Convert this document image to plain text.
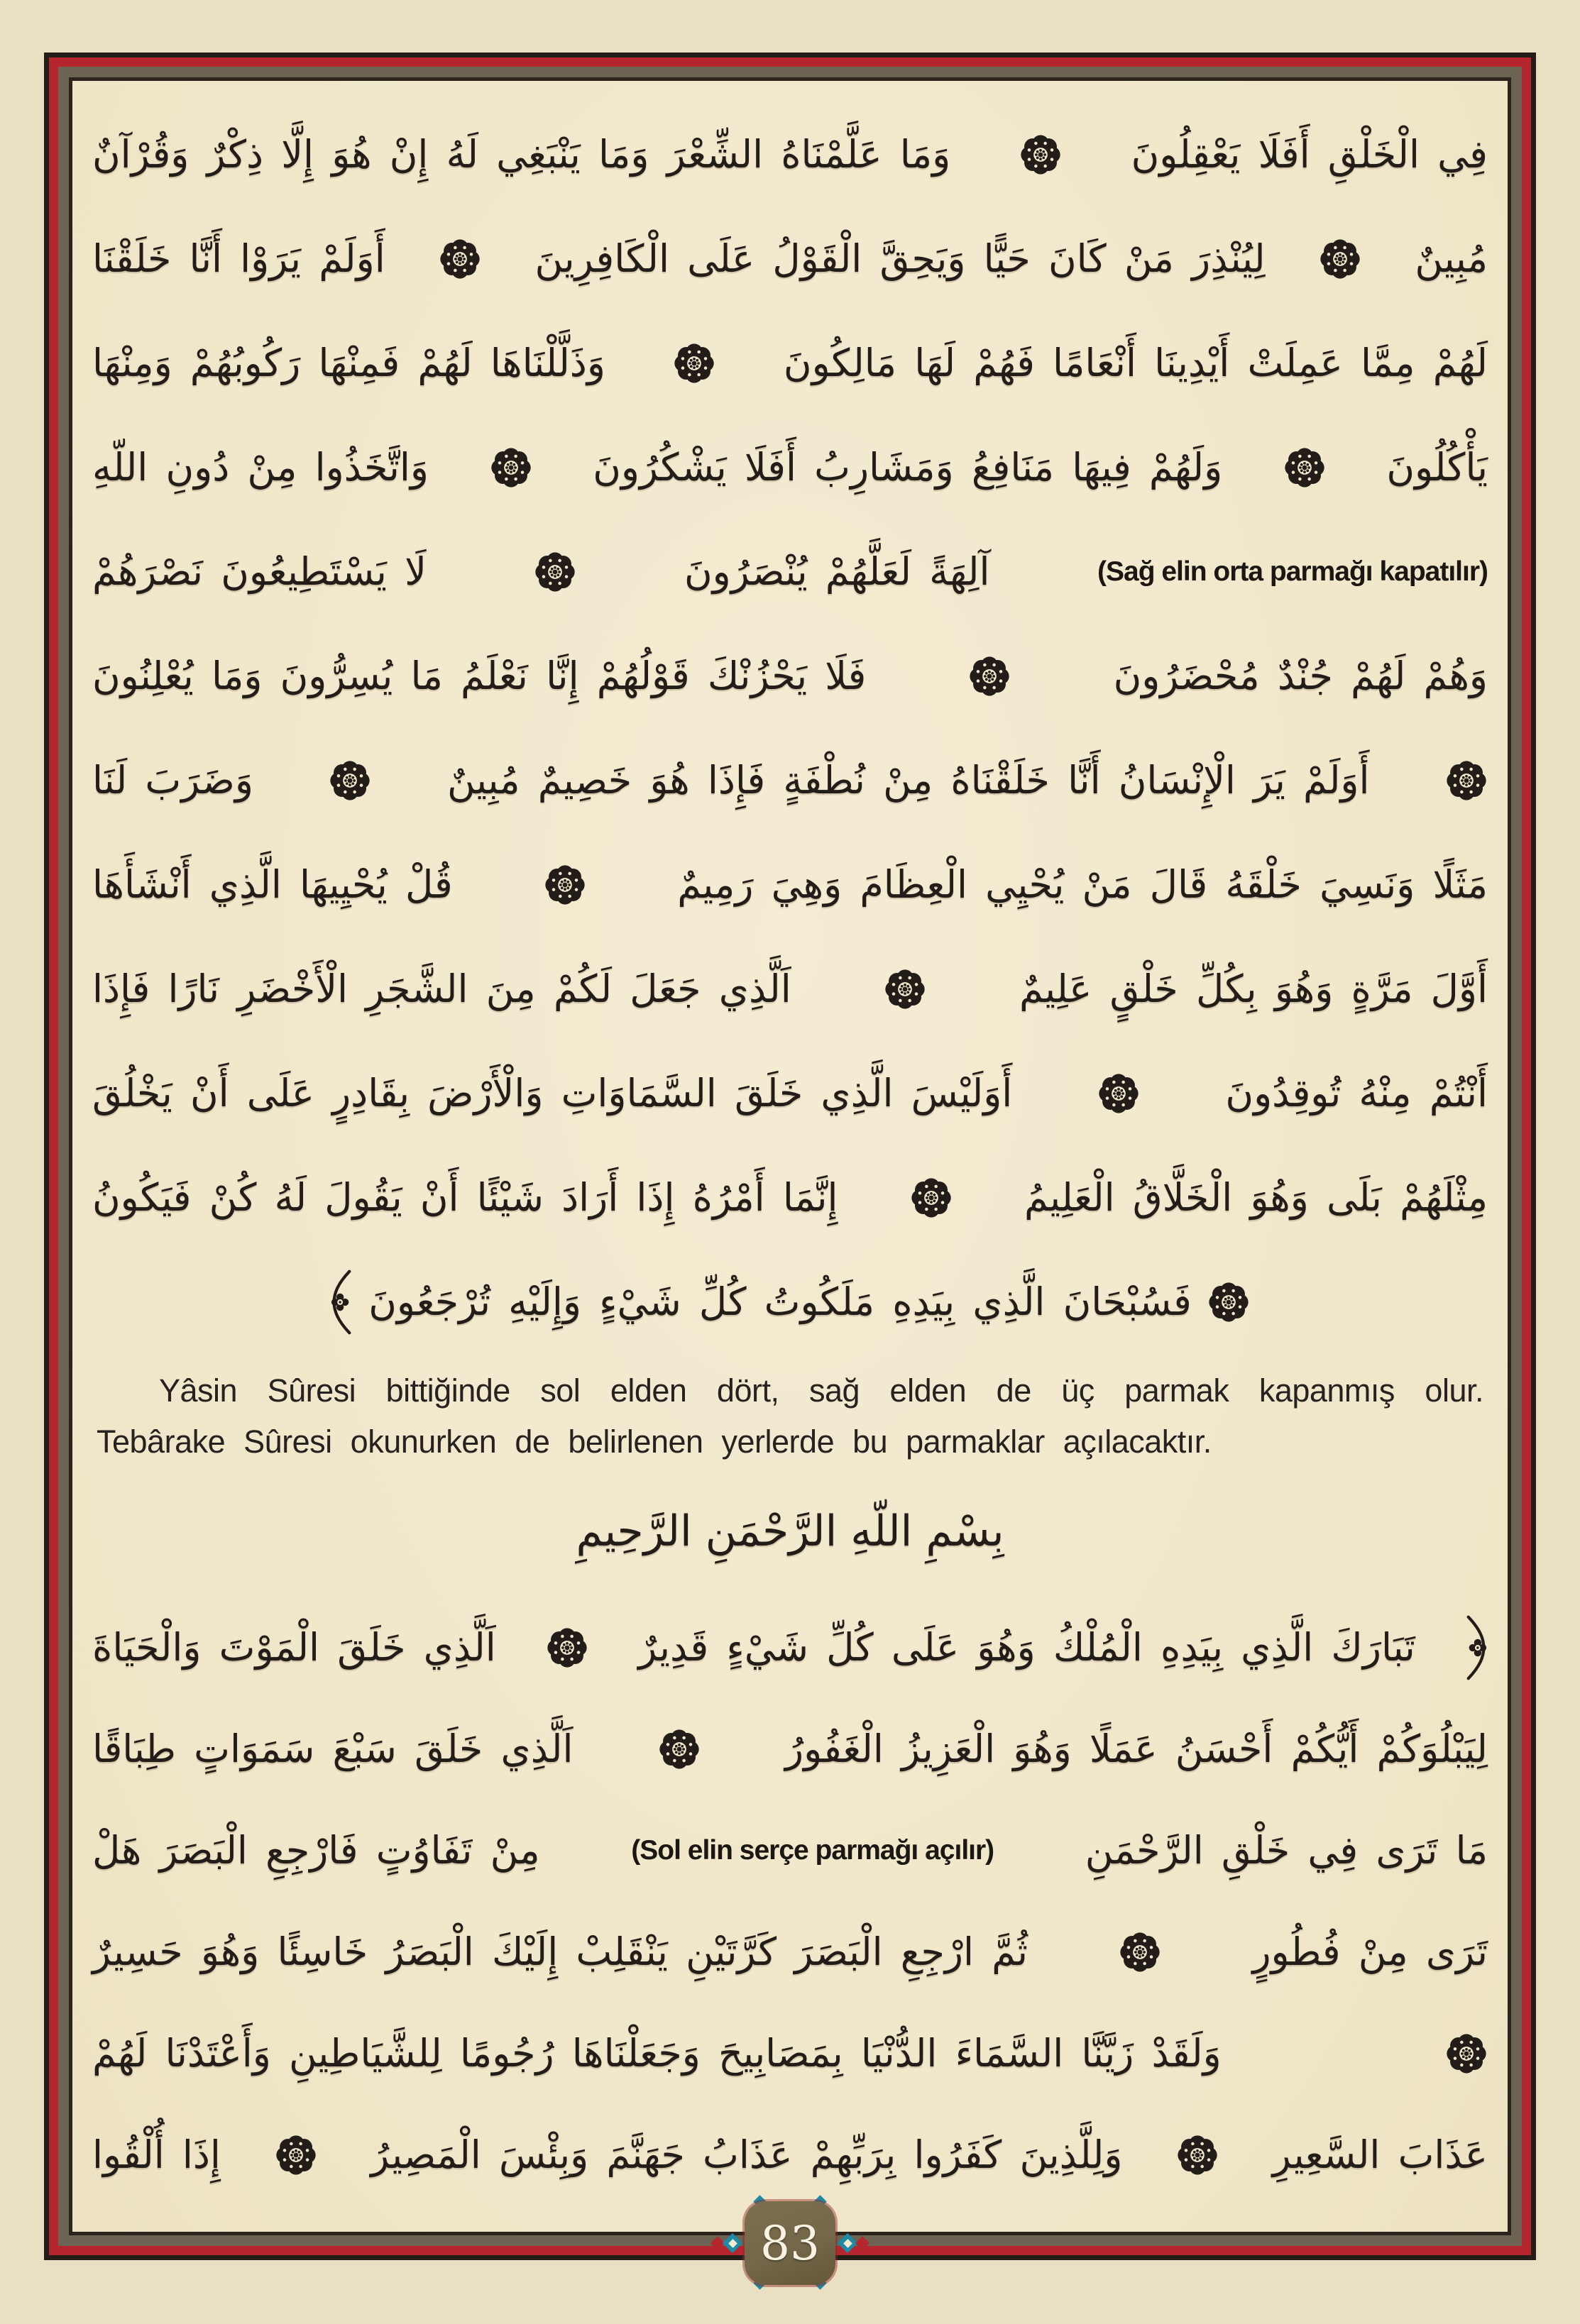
فِي الْخَلْقِ أَفَلَا يَعْقِلُونَ
وَمَا عَلَّمْنَاهُ الشِّعْرَ وَمَا يَنْبَغِي لَهُ إِنْ هُوَ إِلَّا ذِكْرٌ وَقُرْآنٌ
مُبِينٌ
لِيُنْذِرَ مَنْ كَانَ حَيًّا وَيَحِقَّ الْقَوْلُ عَلَى الْكَافِرِينَ
أَوَلَمْ يَرَوْا أَنَّا خَلَقْنَا
لَهُمْ مِمَّا عَمِلَتْ أَيْدِينَا أَنْعَامًا فَهُمْ لَهَا مَالِكُونَ
وَذَلَّلْنَاهَا لَهُمْ فَمِنْهَا رَكُوبُهُمْ وَمِنْهَا
يَأْكُلُونَ
وَلَهُمْ فِيهَا مَنَافِعُ وَمَشَارِبُ أَفَلَا يَشْكُرُونَ
وَاتَّخَذُوا مِنْ دُونِ اللّهِ
(Sağ elin orta parmağı kapatılır)
آلِهَةً لَعَلَّهُمْ يُنْصَرُونَ
لَا يَسْتَطِيعُونَ نَصْرَهُمْ
وَهُمْ لَهُمْ جُنْدٌ مُحْضَرُونَ
فَلَا يَحْزُنْكَ قَوْلُهُمْ إِنَّا نَعْلَمُ مَا يُسِرُّونَ وَمَا يُعْلِنُونَ
أَوَلَمْ يَرَ الْإِنْسَانُ أَنَّا خَلَقْنَاهُ مِنْ نُطْفَةٍ فَإِذَا هُوَ خَصِيمٌ مُبِينٌ
وَضَرَبَ لَنَا
مَثَلًا وَنَسِيَ خَلْقَهُ قَالَ مَنْ يُحْيِي الْعِظَامَ وَهِيَ رَمِيمٌ
قُلْ يُحْيِيهَا الَّذِي أَنْشَأَهَا
أَوَّلَ مَرَّةٍ وَهُوَ بِكُلِّ خَلْقٍ عَلِيمٌ
اَلَّذِي جَعَلَ لَكُمْ مِنَ الشَّجَرِ الْأَخْضَرِ نَارًا فَإِذَا
أَنْتُمْ مِنْهُ تُوقِدُونَ
أَوَلَيْسَ الَّذِي خَلَقَ السَّمَاوَاتِ وَالْأَرْضَ بِقَادِرٍ عَلَى أَنْ يَخْلُقَ
مِثْلَهُمْ بَلَى وَهُوَ الْخَلَّاقُ الْعَلِيمُ
إِنَّمَا أَمْرُهُ إِذَا أَرَادَ شَيْئًا أَنْ يَقُولَ لَهُ كُنْ فَيَكُونُ
فَسُبْحَانَ الَّذِي بِيَدِهِ مَلَكُوتُ كُلِّ شَيْءٍ وَإِلَيْهِ تُرْجَعُونَ

Yâsin Sûresi bittiğinde sol elden dört, sağ elden de üç parmak kapanmış olur. Tebârake Sûresi okunurken de belirlenen yerlerde bu parmaklar açılacaktır.

بِسْمِ اللّهِ الرَّحْمَنِ الرَّحِيمِ
تَبَارَكَ الَّذِي بِيَدِهِ الْمُلْكُ وَهُوَ عَلَى كُلِّ شَيْءٍ قَدِيرٌ
اَلَّذِي خَلَقَ الْمَوْتَ وَالْحَيَاةَ
لِيَبْلُوَكُمْ أَيُّكُمْ أَحْسَنُ عَمَلًا وَهُوَ الْعَزِيزُ الْغَفُورُ
اَلَّذِي خَلَقَ سَبْعَ سَمَوَاتٍ طِبَاقًا
مَا تَرَى فِي خَلْقِ الرَّحْمَنِ
(Sol elin serçe parmağı açılır)
مِنْ تَفَاوُتٍ فَارْجِعِ الْبَصَرَ هَلْ
تَرَى مِنْ فُطُورٍ
ثُمَّ ارْجِعِ الْبَصَرَ كَرَّتَيْنِ يَنْقَلِبْ إِلَيْكَ الْبَصَرُ خَاسِئًا وَهُوَ حَسِيرٌ
وَلَقَدْ زَيَّنَّا السَّمَاءَ الدُّنْيَا بِمَصَابِيحَ وَجَعَلْنَاهَا رُجُومًا لِلشَّيَاطِينِ وَأَعْتَدْنَا لَهُمْ
عَذَابَ السَّعِيرِ
وَلِلَّذِينَ كَفَرُوا بِرَبِّهِمْ عَذَابُ جَهَنَّمَ وَبِئْسَ الْمَصِيرُ
إِذَا أُلْقُوا
83
